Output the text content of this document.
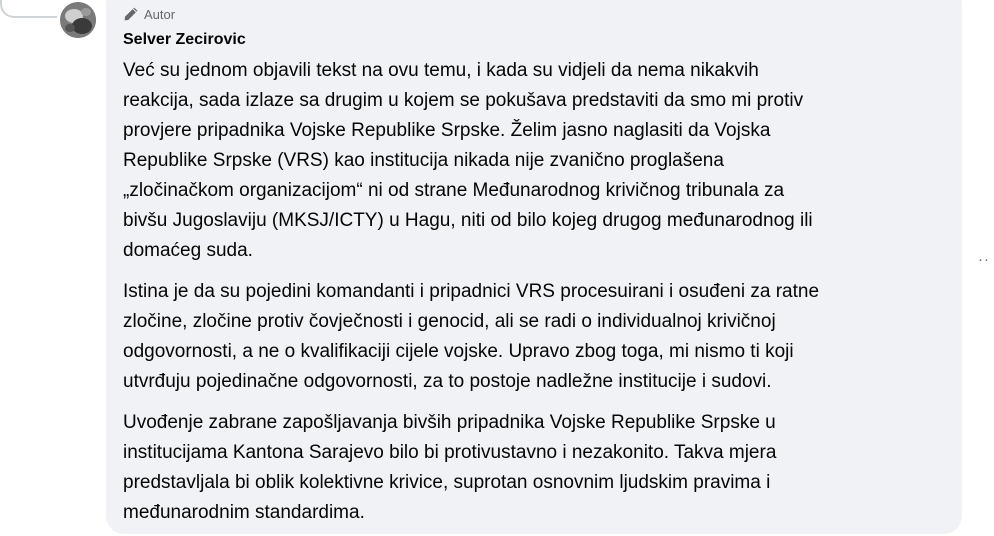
Autor
Selver Zecirovic

Već su jednom objavili tekst na ovu temu, i kada su vidjeli da nema nikakvih
reakcija, sada izlaze sa drugim u kojem se pokušava predstaviti da smo mi protiv
provjere pripadnika Vojske Republike Srpske. Želim jasno naglasiti da Vojska
Republike Srpske (VRS) kao institucija nikada nije zvanično proglašena
„zločinačkom organizacijom“ ni od strane Međunarodnog krivičnog tribunala za
bivšu Jugoslaviju (MKSJ/ICTY) u Hagu, niti od bilo kojeg drugog međunarodnog ili
domaćeg suda.

Istina je da su pojedini komandanti i pripadnici VRS procesuirani i osuđeni za ratne
zločine, zločine protiv čovječnosti i genocid, ali se radi o individualnoj krivičnoj
odgovornosti, a ne o kvalifikaciji cijele vojske. Upravo zbog toga, mi nismo ti koji
utvrđuju pojedinačne odgovornosti, za to postoje nadležne institucije i sudovi.

Uvođenje zabrane zapošljavanja bivših pripadnika Vojske Republike Srpske u
institucijama Kantona Sarajevo bilo bi protivustavno i nezakonito. Takva mjera
predstavljala bi oblik kolektivne krivice, suprotan osnovnim ljudskim pravima i
međunarodnim standardima.

··
